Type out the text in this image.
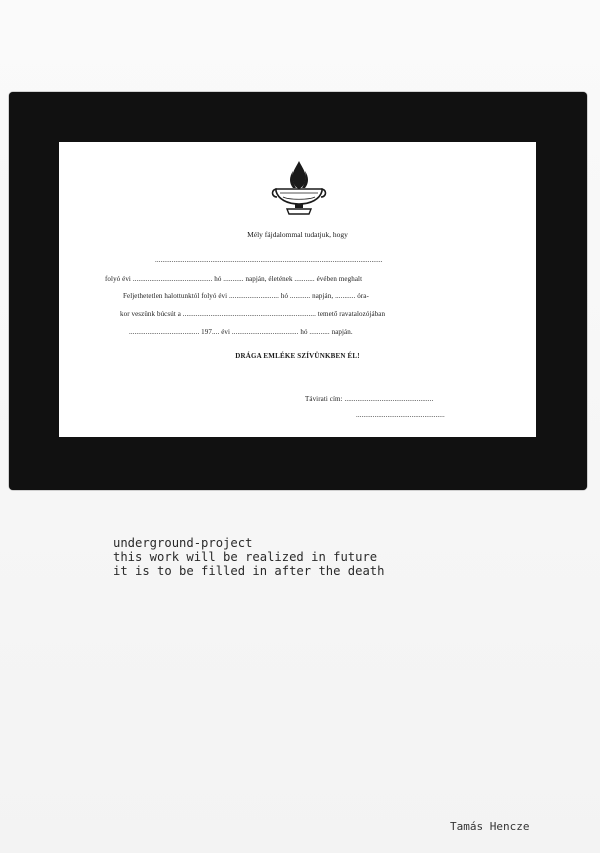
Mély fájdalommal tudatjuk, hogy
...........................................................................................................................
folyó évi ........................................... hó ........... napján, életének ........... évében meghalt
Feljethetetlen halottunktól folyó évi ........................... hó ........... napján, ........... óra-
kor veszünk búcsút a ........................................................................ temető ravatalozójában
...................................... 197.... évi .................................... hó ........... napján.
DRÁGA EMLÉKE SZÍVÜNKBEN ÉL!
Távirati cím: ................................................
................................................
underground-project
this work will be realized in future
it is to be filled in after the death
Tamás Hencze
